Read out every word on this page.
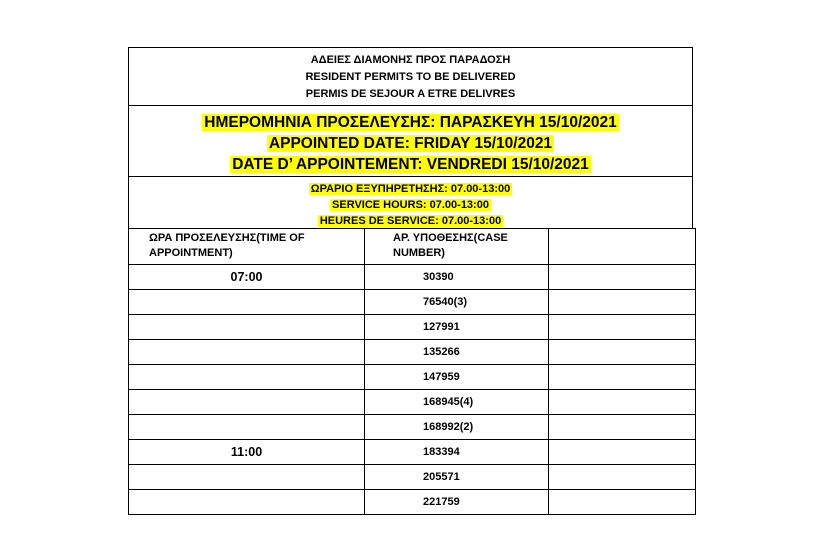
ΑΔΕΙΕΣ ΔΙΑΜΟΝΗΣ ΠΡΟΣ ΠΑΡΑΔΟΣΗ
RESIDENT PERMITS TO BE DELIVERED
PERMIS DE SEJOUR A ETRE DELIVRES
ΗΜΕΡΟΜΗΝΙΑ ΠΡΟΣΕΛΕΥΣΗΣ: ΠΑΡΑΣΚΕΥΗ 15/10/2021
APPOINTED DATE: FRIDAY 15/10/2021
DATE D’ APPOINTEMENT: VENDREDI 15/10/2021
ΩΡΑΡΙΟ ΕΞΥΠΗΡΕΤΗΣΗΣ: 07.00-13:00
SERVICE HOURS: 07.00-13:00
HEURES DE SERVICE: 07.00-13:00
ΩΡΑ ΠΡΟΣΕΛΕΥΣΗΣ(TIME OF APPOINTMENT)	ΑΡ. ΥΠΟΘΕΣΗΣ(CASE NUMBER)	

07:00	30390	
	76540(3)	
	127991	
	135266	
	147959	
	168945(4)	
	168992(2)	
11:00	183394	
	205571	
	221759	
